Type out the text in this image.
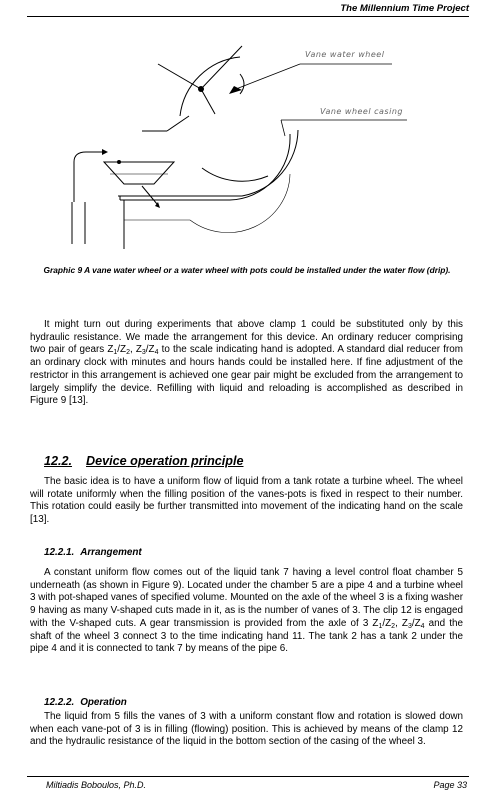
The Millennium Time Project
Vane water wheel
Vane wheel casing
Graphic 9 A vane water wheel or a water wheel with pots could be installed under the water flow (drip).

It might turn out during experiments that above clamp 1 could be substituted only by this hydraulic resistance. We made the arrangement for this device. An ordinary reducer comprising two pair of gears $Z_1/Z_2$, $Z_3/Z_4$ to the scale indicating hand is adopted. A standard dial reducer from an ordinary clock with minutes and hours hands could be installed here. If fine adjustment of the restrictor in this arrangement is achieved one gear pair might be excluded from the arrangement to largely simplify the device. Refilling with liquid and reloading is accomplished as described in Figure 9 [13].

12.2. Device operation principle

The basic idea is to have a uniform flow of liquid from a tank rotate a turbine wheel. The wheel will rotate uniformly when the filling position of the vanes-pots is fixed in respect to their number. This rotation could easily be further transmitted into movement of the indicating hand on the scale [13].

12.2.1. Arrangement

A constant uniform flow comes out of the liquid tank 7 having a level control float chamber 5 underneath (as shown in Figure 9). Located under the chamber 5 are a pipe 4 and a turbine wheel 3 with pot-shaped vanes of specified volume. Mounted on the axle of the wheel 3 is a fixing washer 9 having as many V-shaped cuts made in it, as is the number of vanes of 3. The clip 12 is engaged with the V-shaped cuts. A gear transmission is provided from the axle of 3 $Z_1/Z_2$, $Z_3/Z_4$ and the shaft of the wheel 3 connect 3 to the time indicating hand 11. The tank 2 has a tank 2 under the pipe 4 and it is connected to tank 7 by means of the pipe 6.

12.2.2. Operation

The liquid from 5 fills the vanes of 3 with a uniform constant flow and rotation is slowed down when each vane-pot of 3 is in filling (flowing) position. This is achieved by means of the clamp 12 and the hydraulic resistance of the liquid in the bottom section of the casing of the wheel 3.

Miltiadis Boboulos, Ph.D.	Page 33
